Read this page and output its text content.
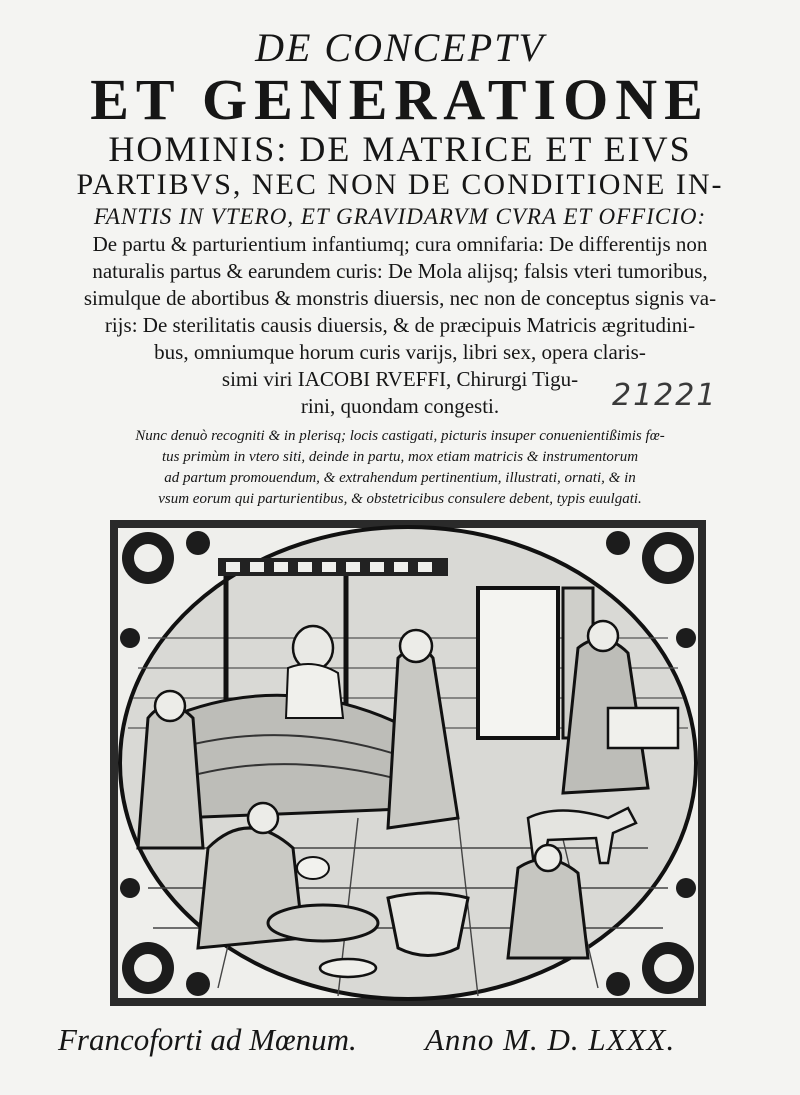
DE CONCEPTV
ET GENERATIONE
HOMINIS: DE MATRICE ET EIVS
PARTIBVS, NEC NON DE CONDITIONE IN-
FANTIS IN VTERO, ET GRAVIDARVM CVRA ET OFFICIO:
De partu & parturientium infantiumq; cura omnifaria: De differentijs non
naturalis partus & earundem curis: De Mola alijsq; falsis vteri tumoribus,
simulque de abortibus & monstris diuersis, nec non de conceptus signis va-
rijs: De sterilitatis causis diuersis, & de præcipuis Matricis ægritudini-
bus, omniumque horum curis varijs, libri sex, opera claris-
simi viri IACOBI RVEFFI, Chirurgi Tigu-
rini, quondam congesti.	21221
Nunc denuò recogniti & in plerisq; locis castigati, picturis insuper conuenientißimis fœ-
tus primùm in vtero siti, deinde in partu, mox etiam matricis & instrumentorum
ad partum promouendum, & extrahendum pertinentium, illustrati, ornati, & in
vsum eorum qui parturientibus, & obstetricibus consulere debent, typis euulgati.
Francoforti ad Mœnum. Anno M. D. LXXX.
